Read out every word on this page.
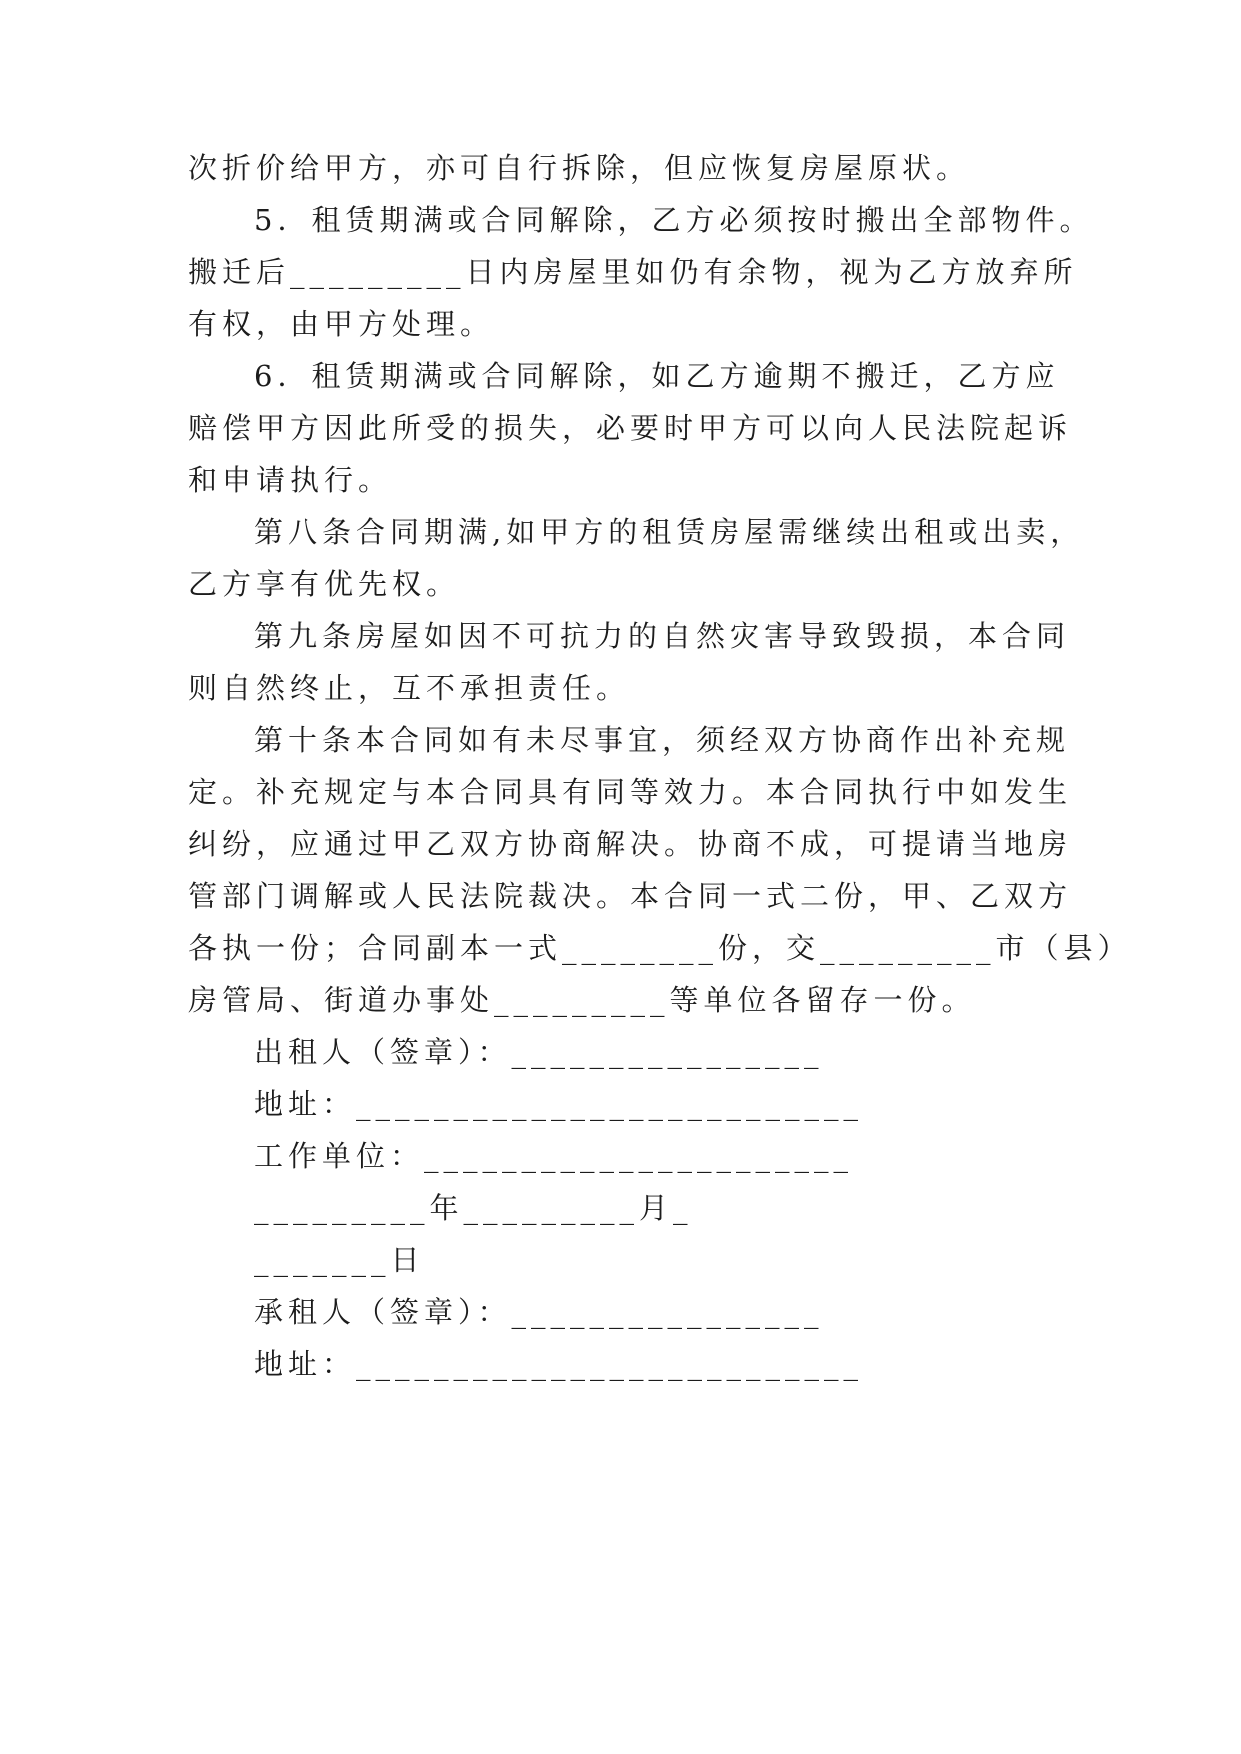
次折价给甲方，亦可自行拆除，但应恢复房屋原状。
5．租赁期满或合同解除，乙方必须按时搬出全部物件。
搬迁后_________日内房屋里如仍有余物，视为乙方放弃所
有权，由甲方处理。
6．租赁期满或合同解除，如乙方逾期不搬迁，乙方应
赔偿甲方因此所受的损失，必要时甲方可以向人民法院起诉
和申请执行。
第八条合同期满,如甲方的租赁房屋需继续出租或出卖，
乙方享有优先权。
第九条房屋如因不可抗力的自然灾害导致毁损，本合同
则自然终止，互不承担责任。
第十条本合同如有未尽事宜，须经双方协商作出补充规
定。补充规定与本合同具有同等效力。本合同执行中如发生
纠纷，应通过甲乙双方协商解决。协商不成，可提请当地房
管部门调解或人民法院裁决。本合同一式二份，甲、乙双方
各执一份；合同副本一式________份，交_________市（县）
房管局、街道办事处_________等单位各留存一份。
出租人（签章）：________________
地址：__________________________
工作单位：______________________
_________年_________月_
_______日
承租人（签章）：________________
地址：__________________________
